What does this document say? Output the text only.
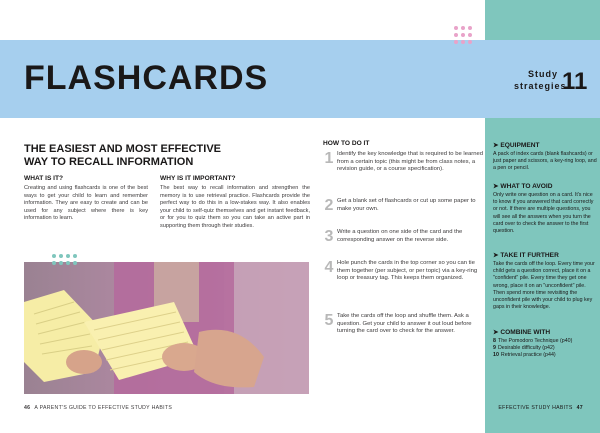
FLASHCARDS	Study
strategies
11
THE EASIEST AND MOST EFFECTIVE
WAY TO RECALL INFORMATION
WHAT IS IT?
Creating and using flashcards is one of the best ways to get your child to learn and remember information. They are easy to create and can be used for any subject where there is key information to learn.
WHY IS IT IMPORTANT?
The best way to recall information and strengthen the memory is to use retrieval practice. Flashcards provide the perfect way to do this in a low-stakes way. It also enables your child to self-quiz themselves and get instant feedback, or for you to quiz them so you can take an active part in supporting them through their studies.
HOW TO DO IT
1 Identify the key knowledge that is required to be learned from a certain topic (this might be from class notes, a revision guide, or a course specification).
2 Get a blank set of flashcards or cut up some paper to make your own.
3 Write a question on one side of the card and the corresponding answer on the reverse side.
4 Hole punch the cards in the top corner so you can tie them together (per subject, or per topic) via a key-ring loop or treasury tag. This keeps them organized.
5 Take the cards off the loop and shuffle them. Ask a question. Get your child to answer it out loud before turning the card over to check for the answer.
➤ EQUIPMENT
A pack of index cards (blank flashcards) or just paper and scissors, a key-ring loop, and a pen or pencil.
➤ WHAT TO AVOID
Only write one question on a card. It's nice to know if you answered that card correctly or not. If there are multiple questions, you will see all the answers when you turn the card over to check the answer to the first question.
➤ TAKE IT FURTHER
Take the cards off the loop. Every time your child gets a question correct, place it on a "confident" pile. Every time they get one wrong, place it on an "unconfident" pile. Then spend more time revisiting the unconfident pile with your child to plug key gaps in their knowledge.
➤ COMBINE WITH
8 The Pomodoro Technique (p40)
9 Desirable difficulty (p42)
10 Retrieval practice (p44)
46 A PARENT'S GUIDE TO EFFECTIVE STUDY HABITS	EFFECTIVE STUDY HABITS 47
